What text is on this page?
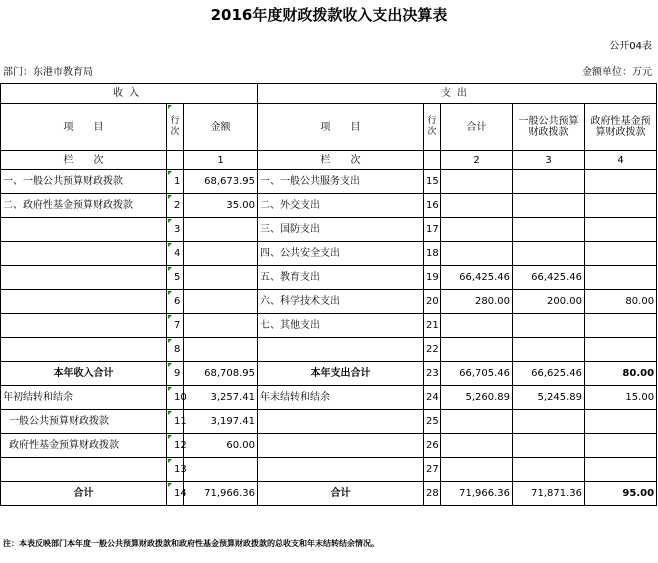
2016年度财政拨款收入支出决算表
公开04表
部门：东港市教育局	金额单位：万元
收入			支出				
项　　目	行次	金额	项　　目	行次	合计	一般公共预算财政拨款	政府性基金预算财政拨款
栏　　次		1	栏　　次		2	3	4
一、一般公共预算财政拨款	1	68,673.95	一、一般公共服务支出	15			
二、政府性基金预算财政拨款	2	35.00	二、外交支出	16			
	3		三、国防支出	17			
	4		四、公共安全支出	18			
	5		五、教育支出	19	66,425.46	66,425.46	
	6		六、科学技术支出	20	280.00	200.00	80.00
	7		七、其他支出	21			
	8			22			
本年收入合计	9	68,708.95	本年支出合计	23	66,705.46	66,625.46	80.00
年初结转和结余	10	3,257.41	年末结转和结余	24	5,260.89	5,245.89	15.00
一般公共预算财政拨款	11	3,197.41		25			
政府性基金预算财政拨款	12	60.00		26			
	13			27			
合计	14	71,966.36	合计	28	71,966.36	71,871.36	95.00
注：本表反映部门本年度一般公共预算财政拨款和政府性基金预算财政拨款的总收支和年末结转结余情况。
